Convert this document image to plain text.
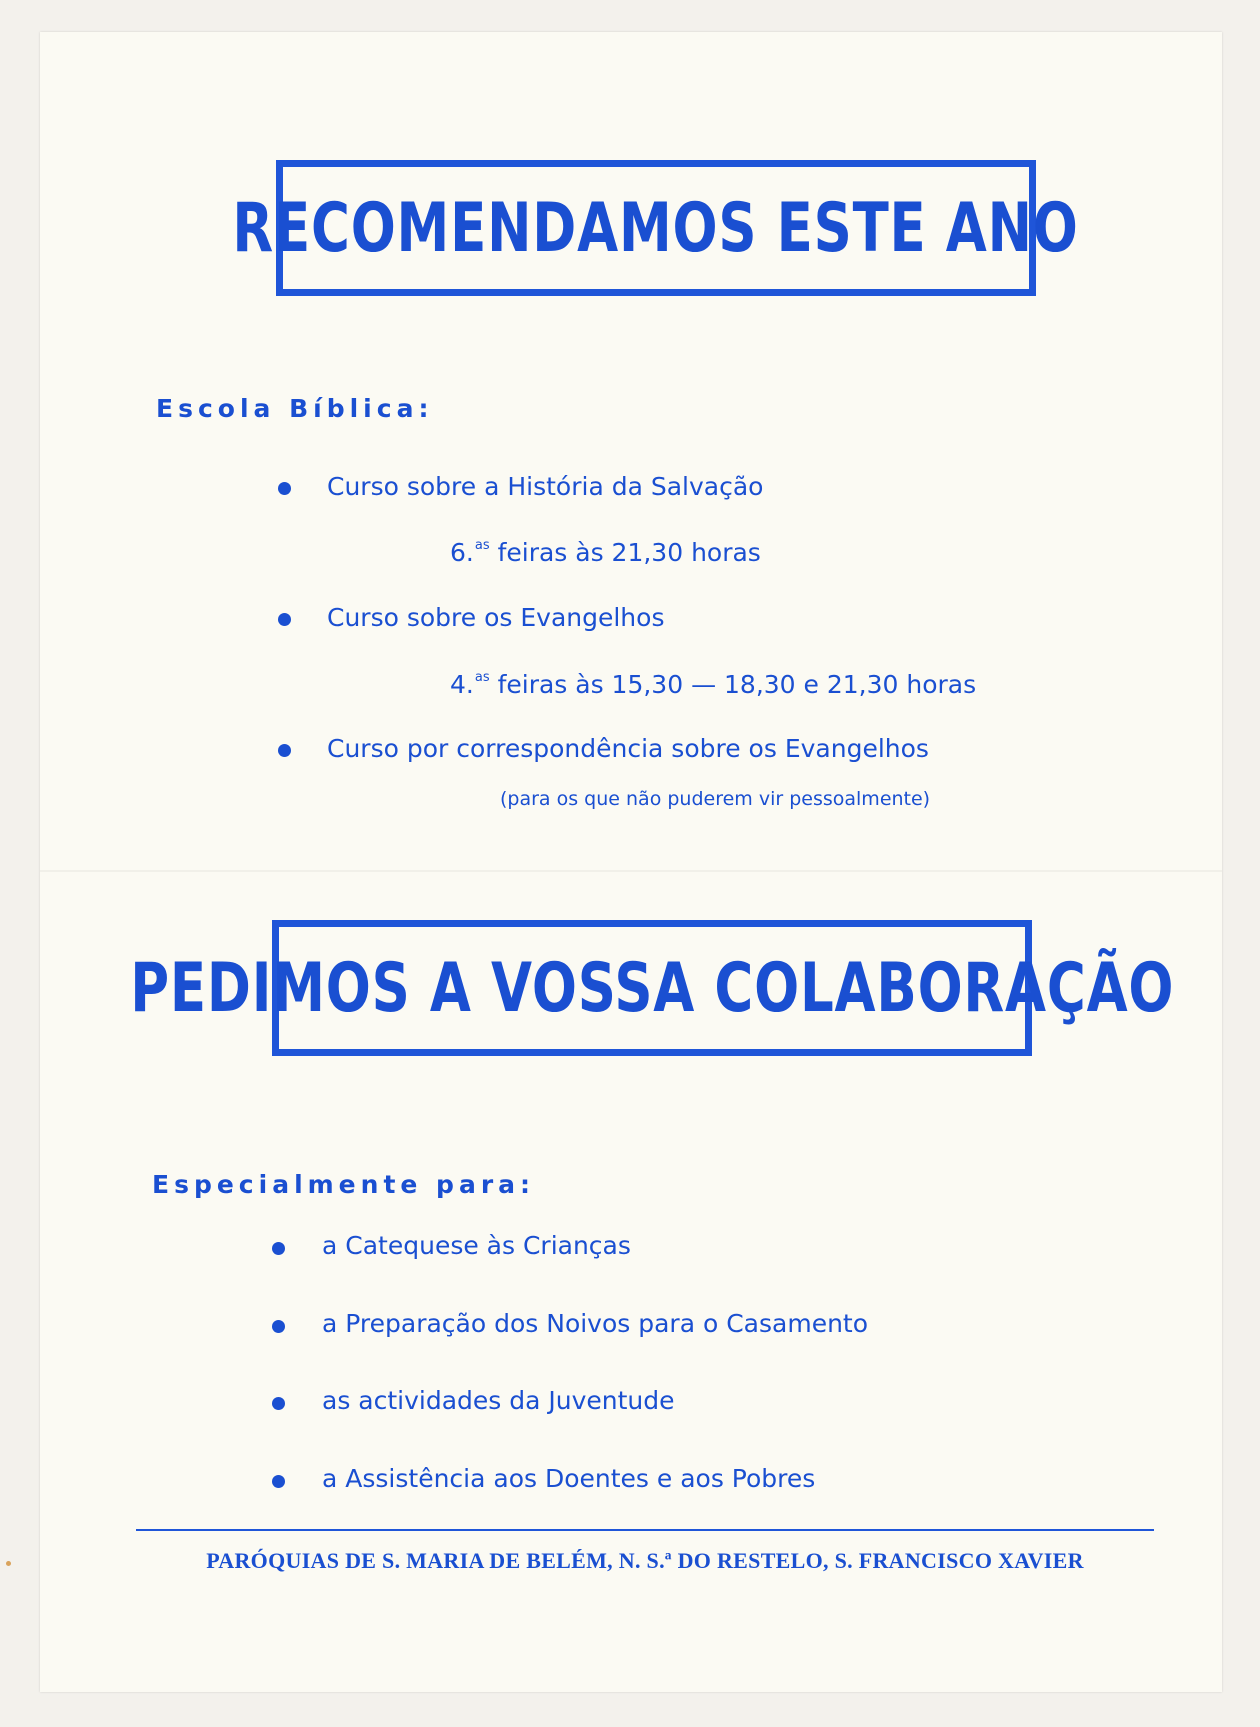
RECOMENDAMOS ESTE ANO
Escola Bíblica:
Curso sobre a História da Salvação
6.$^{as}$ feiras às 21,30 horas
Curso sobre os Evangelhos
4.$^{as}$ feiras às 15,30 — 18,30 e 21,30 horas
Curso por correspondência sobre os Evangelhos
(para os que não puderem vir pessoalmente)
PEDIMOS A VOSSA COLABORAÇÃO
Especialmente para:
a Catequese às Crianças
a Preparação dos Noivos para o Casamento
as actividades da Juventude
a Assistência aos Doentes e aos Pobres
PARÓQUIAS DE S. MARIA DE BELÉM, N. S.ª DO RESTELO, S. FRANCISCO XAVIER
